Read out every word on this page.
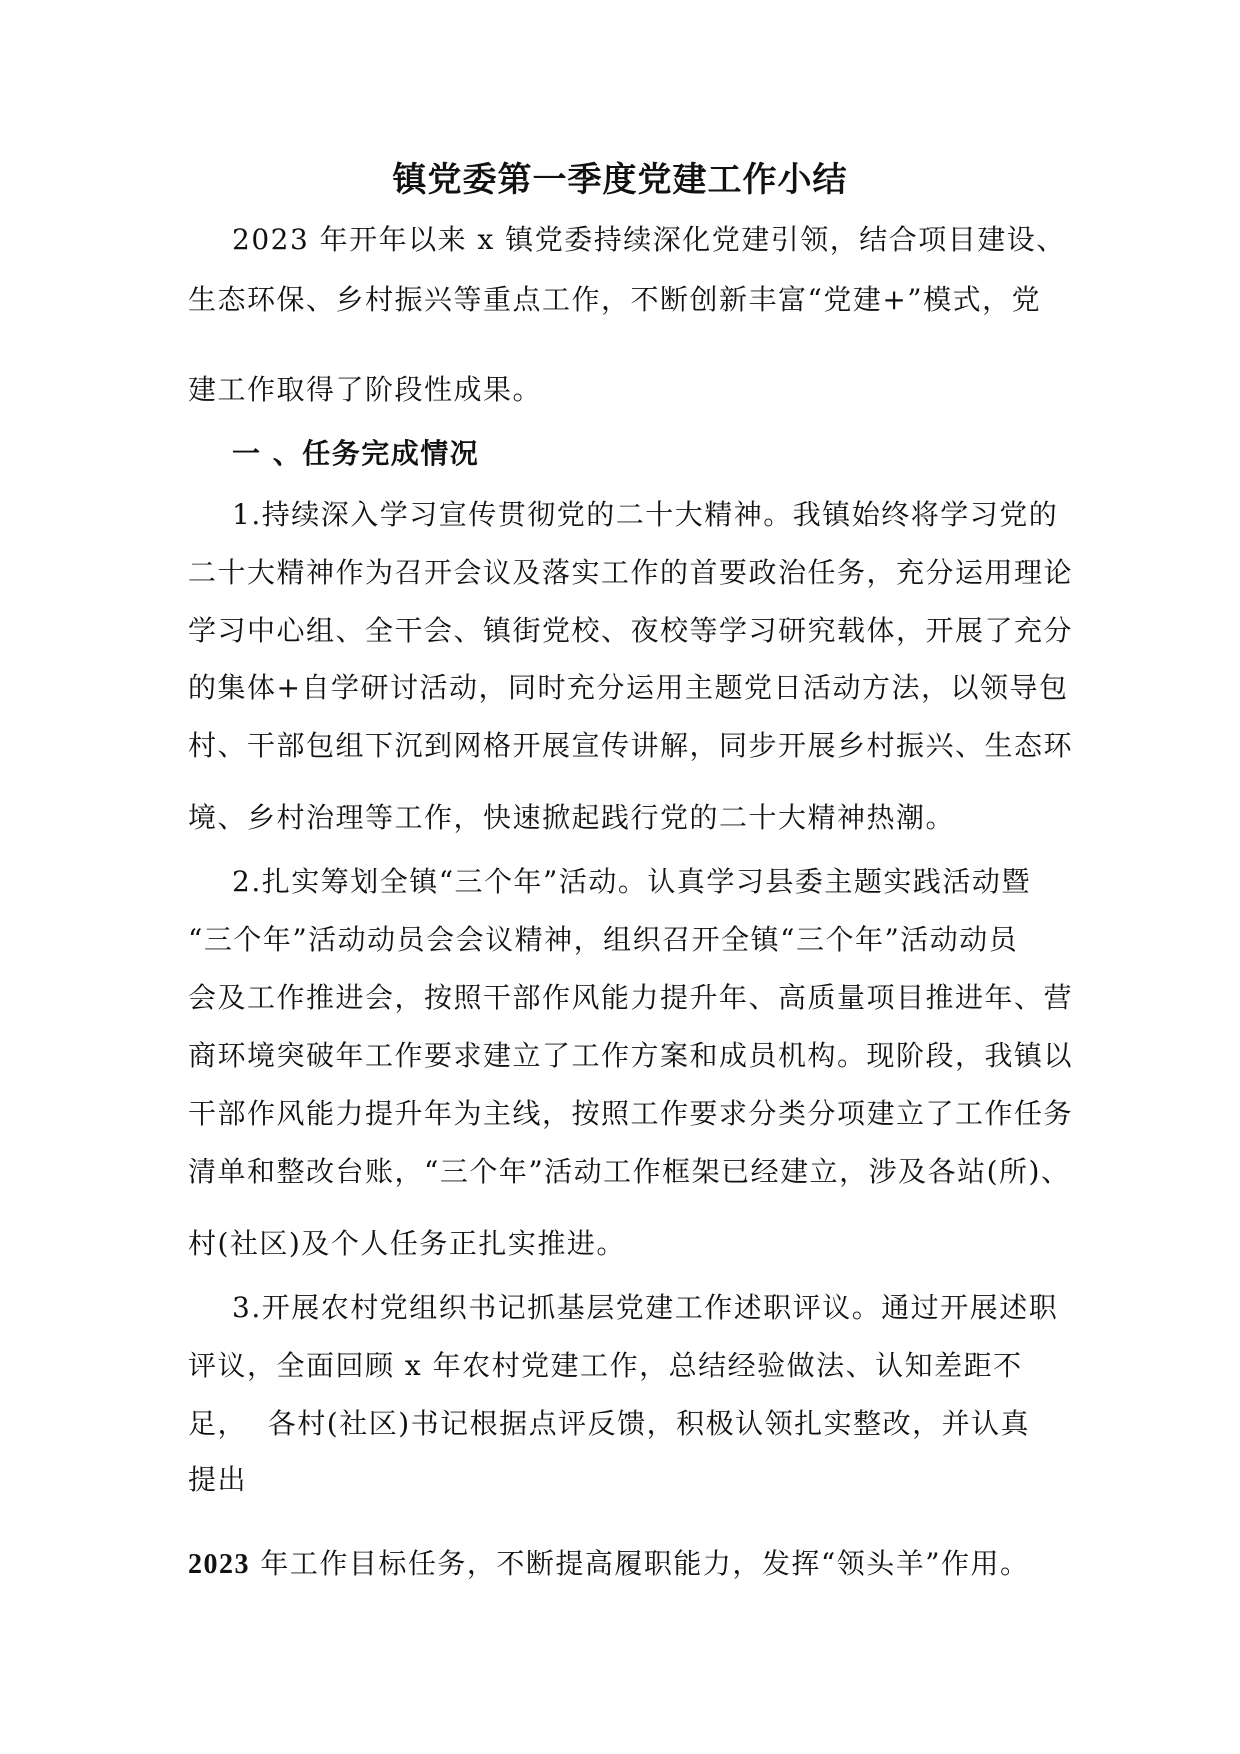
镇党委第一季度党建工作小结

2023 年开年以来 x 镇党委持续深化党建引领，结合项目建设、

生态环保、乡村振兴等重点工作，不断创新丰富“党建+”模式，党

建工作取得了阶段性成果。

一 、任务完成情况

1.持续深入学习宣传贯彻党的二十大精神。我镇始终将学习党的

二十大精神作为召开会议及落实工作的首要政治任务，充分运用理论

学习中心组、全干会、镇街党校、夜校等学习研究载体，开展了充分

的集体+自学研讨活动，同时充分运用主题党日活动方法，以领导包

村、干部包组下沉到网格开展宣传讲解，同步开展乡村振兴、生态环

境、乡村治理等工作，快速掀起践行党的二十大精神热潮。

2.扎实筹划全镇“三个年”活动。认真学习县委主题实践活动暨

“三个年”活动动员会会议精神，组织召开全镇“三个年”活动动员

会及工作推进会，按照干部作风能力提升年、高质量项目推进年、营

商环境突破年工作要求建立了工作方案和成员机构。现阶段，我镇以

干部作风能力提升年为主线，按照工作要求分类分项建立了工作任务

清单和整改台账，“三个年”活动工作框架已经建立，涉及各站(所)、

村(社区)及个人任务正扎实推进。

3.开展农村党组织书记抓基层党建工作述职评议。通过开展述职

评议，全面回顾 x 年农村党建工作，总结经验做法、认知差距不

足，  各村(社区)书记根据点评反馈，积极认领扎实整改，并认真

提出

2023 年工作目标任务，不断提高履职能力，发挥“领头羊”作用。
